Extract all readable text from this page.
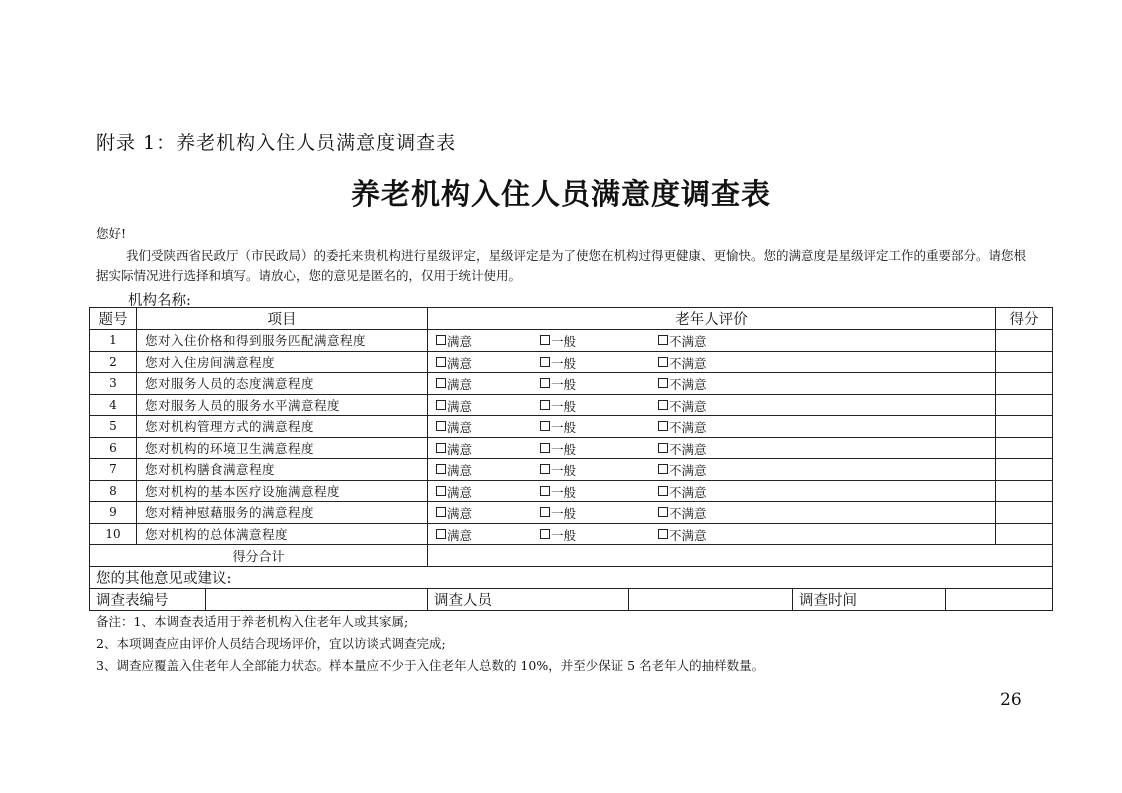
附录 1：养老机构入住人员满意度调查表
养老机构入住人员满意度调查表
您好!

我们受陕西省民政厅（市民政局）的委托来贵机构进行星级评定，星级评定是为了使您在机构过得更健康、更愉快。您的满意度是星级评定工作的重要部分。请您根据实际情况进行选择和填写。请放心，您的意见是匿名的，仅用于统计使用。

机构名称:
题号	项目	老年人评价				得分
1	您对入住价格和得到服务匹配满意程度	满意 一般 不满意				

2	您对入住房间满意程度	满意 一般 不满意				

3	您对服务人员的态度满意程度	满意 一般 不满意				

4	您对服务人员的服务水平满意程度	满意 一般 不满意				

5	您对机构管理方式的满意程度	满意 一般 不满意				

6	您对机构的环境卫生满意程度	满意 一般 不满意				

7	您对机构膳食满意程度	满意 一般 不满意				

8	您对机构的基本医疗设施满意程度	满意 一般 不满意				

9	您对精神慰藉服务的满意程度	满意 一般 不满意				

10	您对机构的总体满意程度	满意 一般 不满意				

得分合计						
您的其他意见或建议:						
调查表编号		调查人员		调查时间		
备注：1、本调查表适用于养老机构入住老年人或其家属;
2、本项调查应由评价人员结合现场评价，宜以访谈式调查完成;
3、调查应覆盖入住老年人全部能力状态。样本量应不少于入住老年人总数的 10%，并至少保证 5 名老年人的抽样数量。
26
